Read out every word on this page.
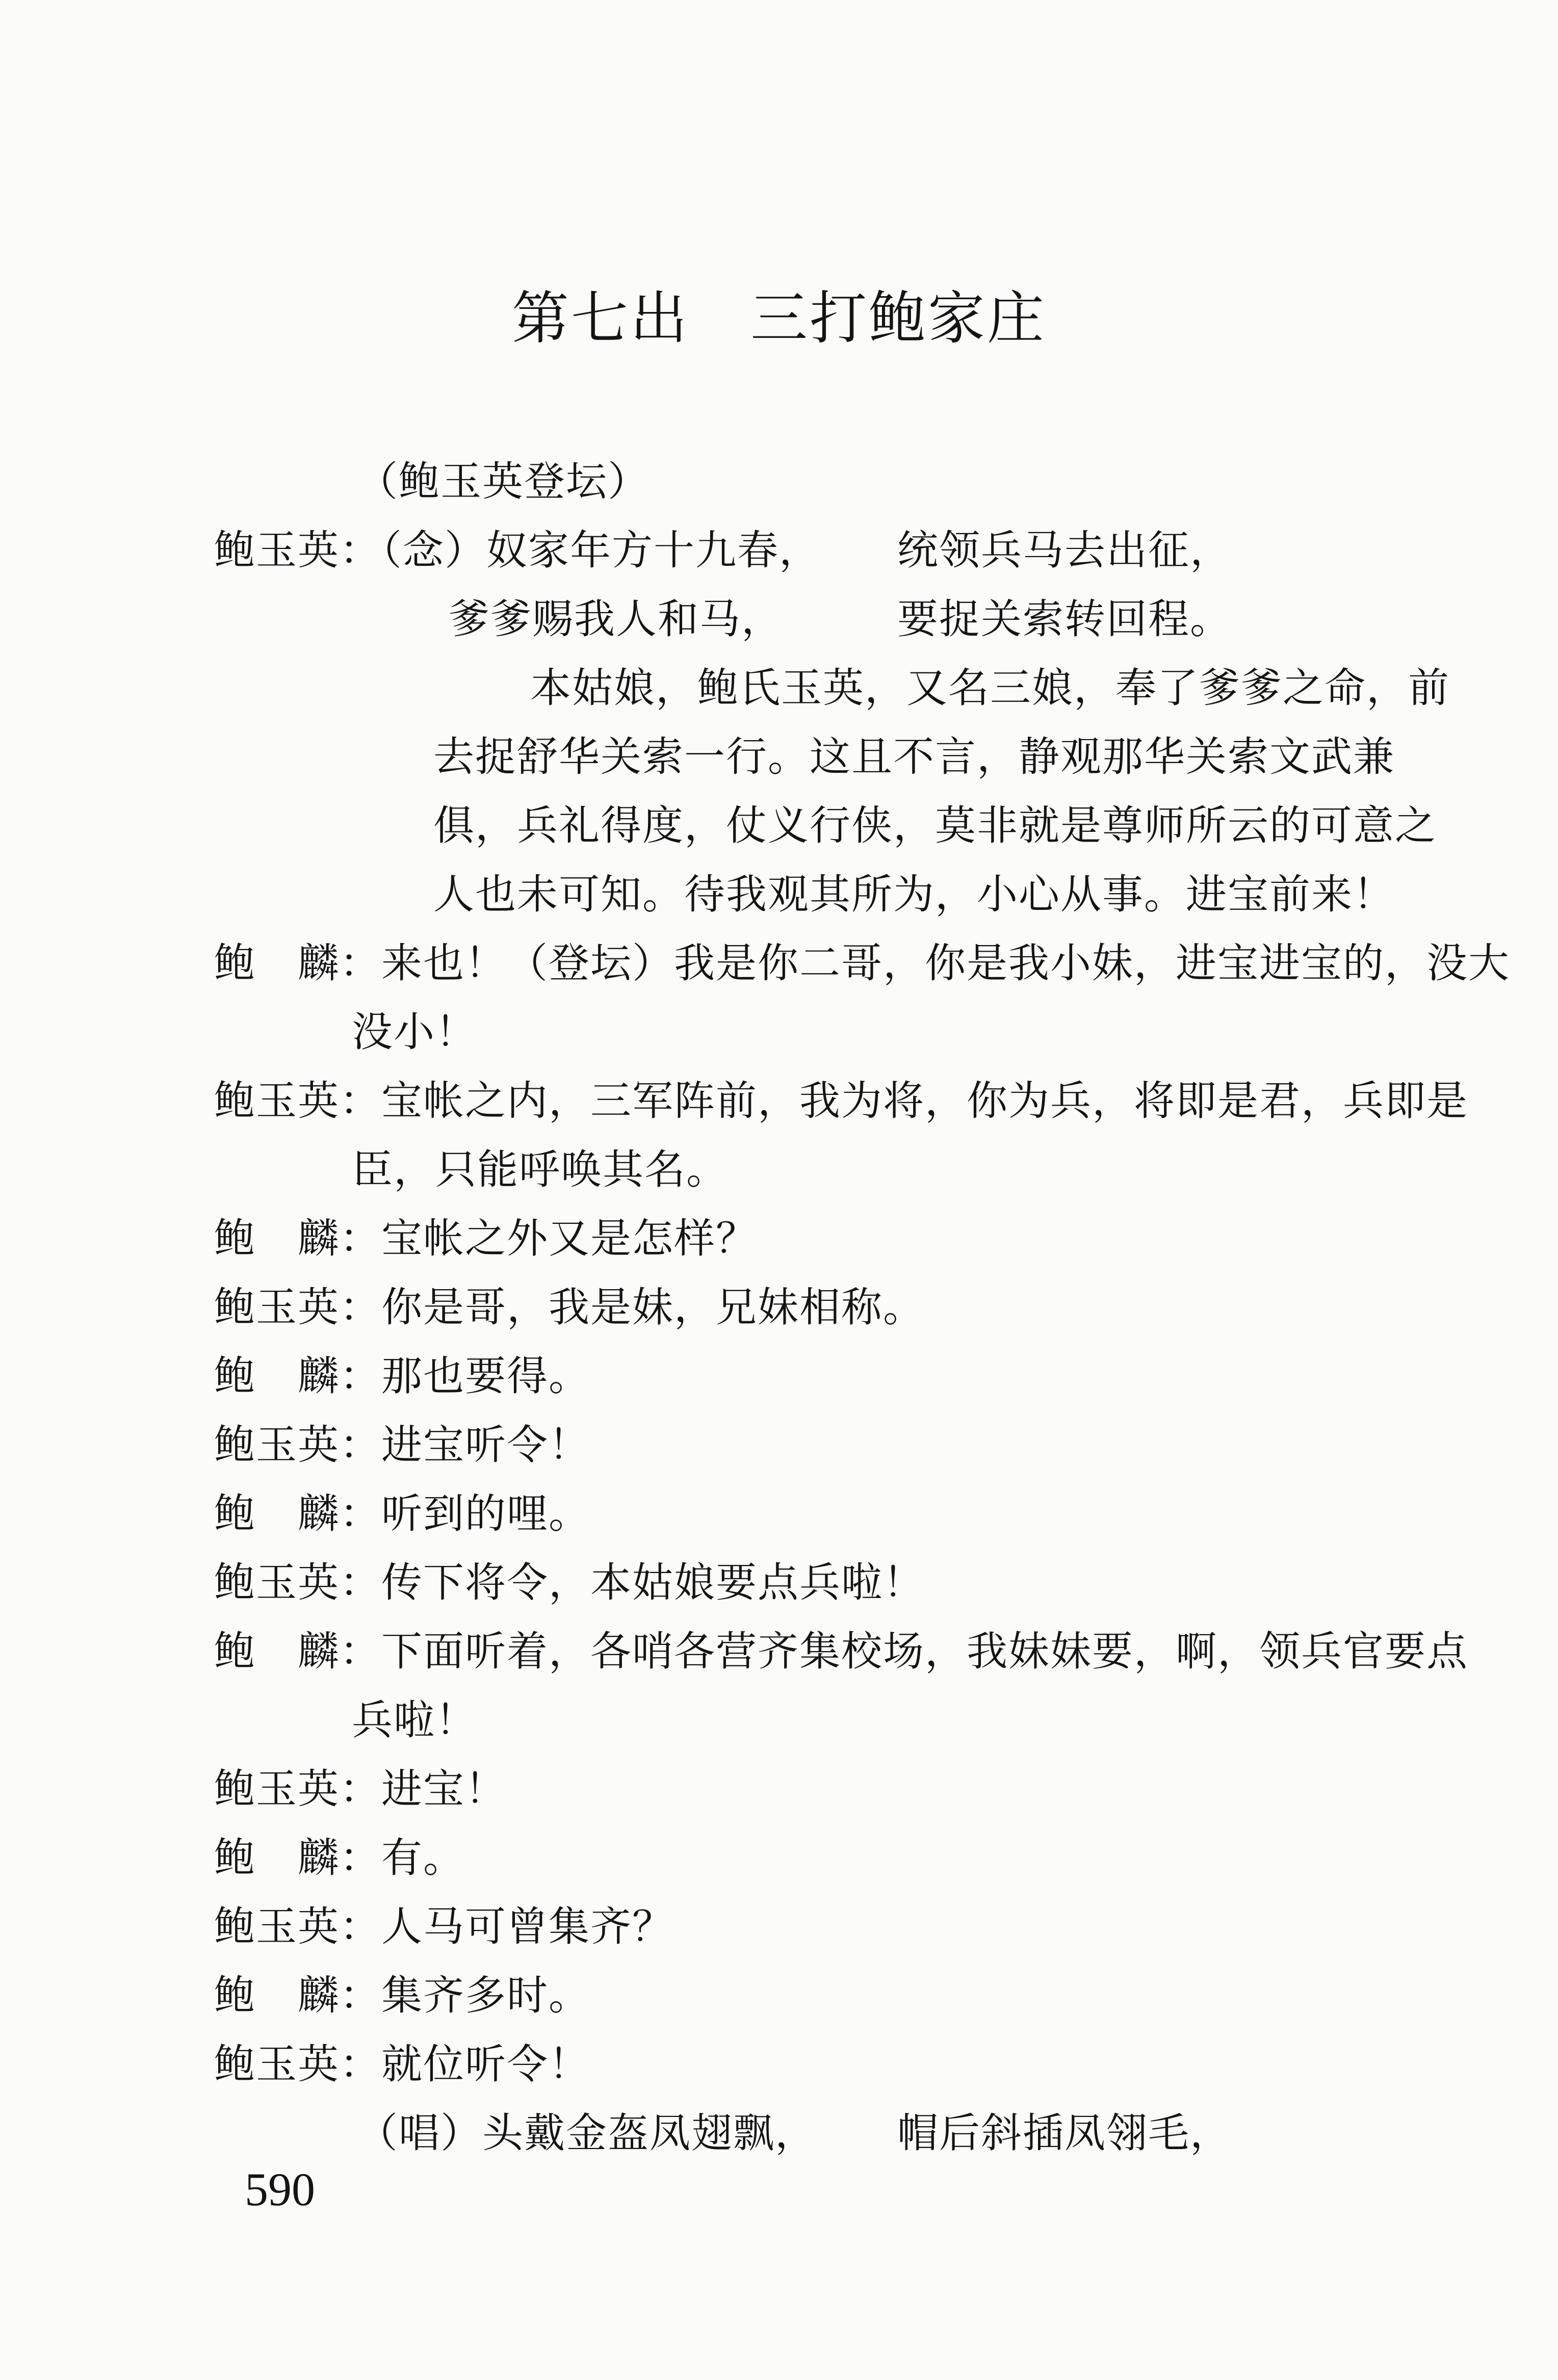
第七出 三打鲍家庄
（鲍玉英登坛）
鲍玉英：（念）奴家年方十九春， 统领兵马去出征，
爹爹赐我人和马，	要捉关索转回程。
本姑娘，鲍氏玉英，又名三娘，奉了爹爹之命，前
去捉舒华关索一行。这且不言，静观那华关索文武兼
俱，兵礼得度，仗义行侠，莫非就是尊师所云的可意之
人也未可知。待我观其所为，小心从事。进宝前来！
鲍　麟：来也！（登坛）我是你二哥，你是我小妹，进宝进宝的，没大
没小！
鲍玉英：宝帐之内，三军阵前，我为将，你为兵，将即是君，兵即是
臣，只能呼唤其名。
鲍　麟：宝帐之外又是怎样？
鲍玉英：你是哥，我是妹，兄妹相称。
鲍　麟：那也要得。
鲍玉英：进宝听令！
鲍　麟：听到的哩。
鲍玉英：传下将令，本姑娘要点兵啦！
鲍　麟：下面听着，各哨各营齐集校场，我妹妹要，啊，领兵官要点
兵啦！
鲍玉英：进宝！
鲍　麟：有。
鲍玉英：人马可曾集齐？
鲍　麟：集齐多时。
鲍玉英：就位听令！
（唱）头戴金盔凤翅飘， 帽后斜插凤翎毛，
590
